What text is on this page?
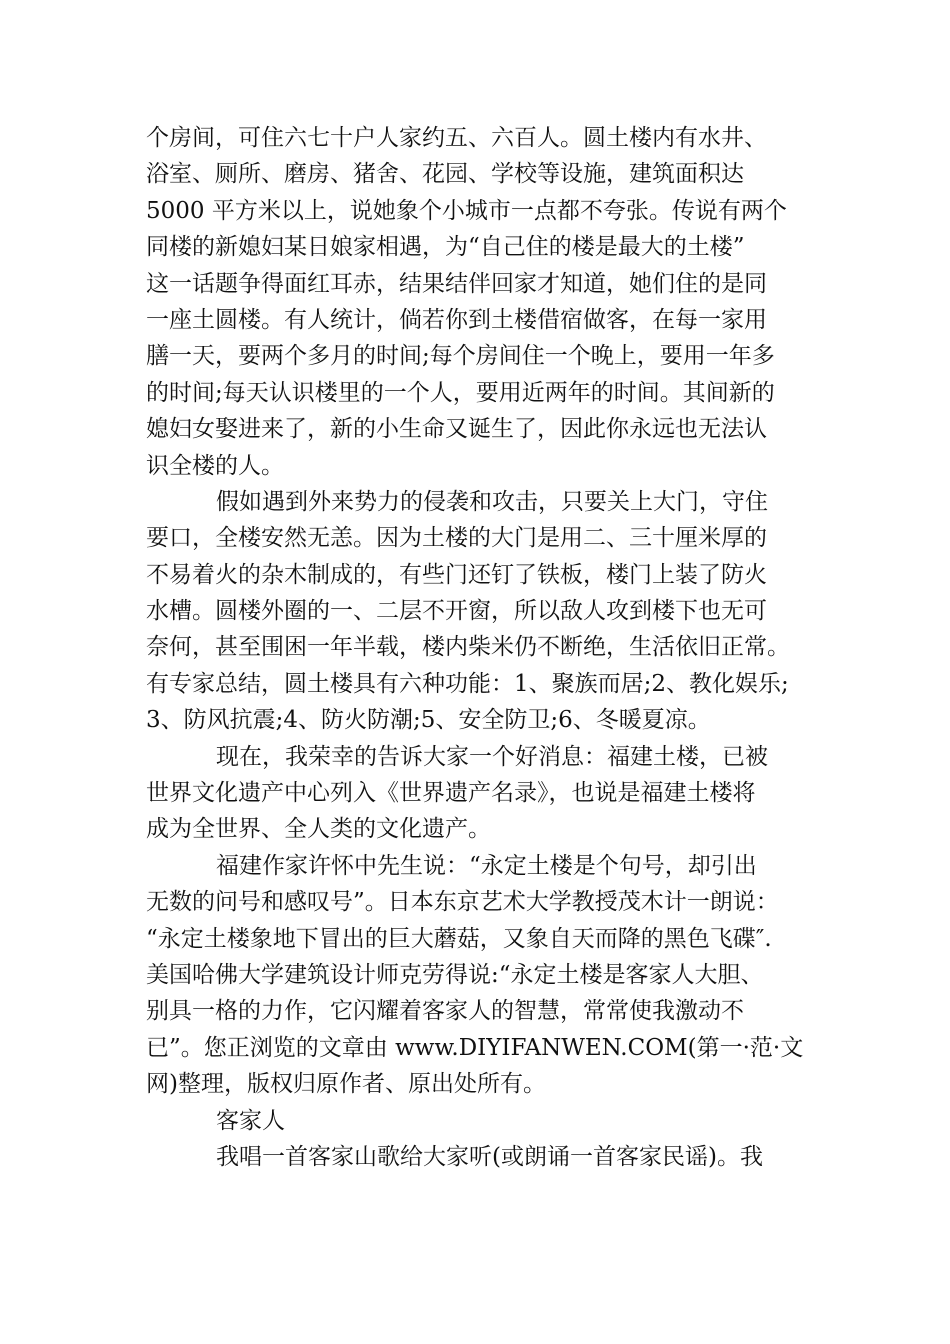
个房间，可住六七十户人家约五、六百人。圆土楼内有水井、
浴室、厕所、磨房、猪舍、花园、学校等设施，建筑面积达
5000 平方米以上，说她象个小城市一点都不夸张。传说有两个
同楼的新媳妇某日娘家相遇，为“自己住的楼是最大的土楼”
这一话题争得面红耳赤，结果结伴回家才知道，她们住的是同
一座土圆楼。有人统计，倘若你到土楼借宿做客，在每一家用
膳一天，要两个多月的时间;每个房间住一个晚上，要用一年多
的时间;每天认识楼里的一个人，要用近两年的时间。其间新的
媳妇女娶进来了，新的小生命又诞生了，因此你永远也无法认
识全楼的人。
假如遇到外来势力的侵袭和攻击，只要关上大门，守住
要口，全楼安然无恙。因为土楼的大门是用二、三十厘米厚的
不易着火的杂木制成的，有些门还钉了铁板，楼门上装了防火
水槽。圆楼外圈的一、二层不开窗，所以敌人攻到楼下也无可
奈何，甚至围困一年半载，楼内柴米仍不断绝，生活依旧正常。
有专家总结，圆土楼具有六种功能：1、聚族而居;2、教化娱乐;
3、防风抗震;4、防火防潮;5、安全防卫;6、冬暖夏凉。
现在，我荣幸的告诉大家一个好消息：福建土楼，已被
世界文化遗产中心列入《世界遗产名录》，也说是福建土楼将
成为全世界、全人类的文化遗产。
福建作家许怀中先生说：“永定土楼是个句号，却引出
无数的问号和感叹号”。日本东京艺术大学教授茂木计一朗说：
“永定土楼象地下冒出的巨大蘑菇，又象自天而降的黑色飞碟″.
美国哈佛大学建筑设计师克劳得说:“永定土楼是客家人大胆、
别具一格的力作，它闪耀着客家人的智慧，常常使我激动不
已”。您正浏览的文章由 www.DIYIFANWEN.COM(第一·范·文
网)整理，版权归原作者、原出处所有。
客家人
我唱一首客家山歌给大家听(或朗诵一首客家民谣)。我
